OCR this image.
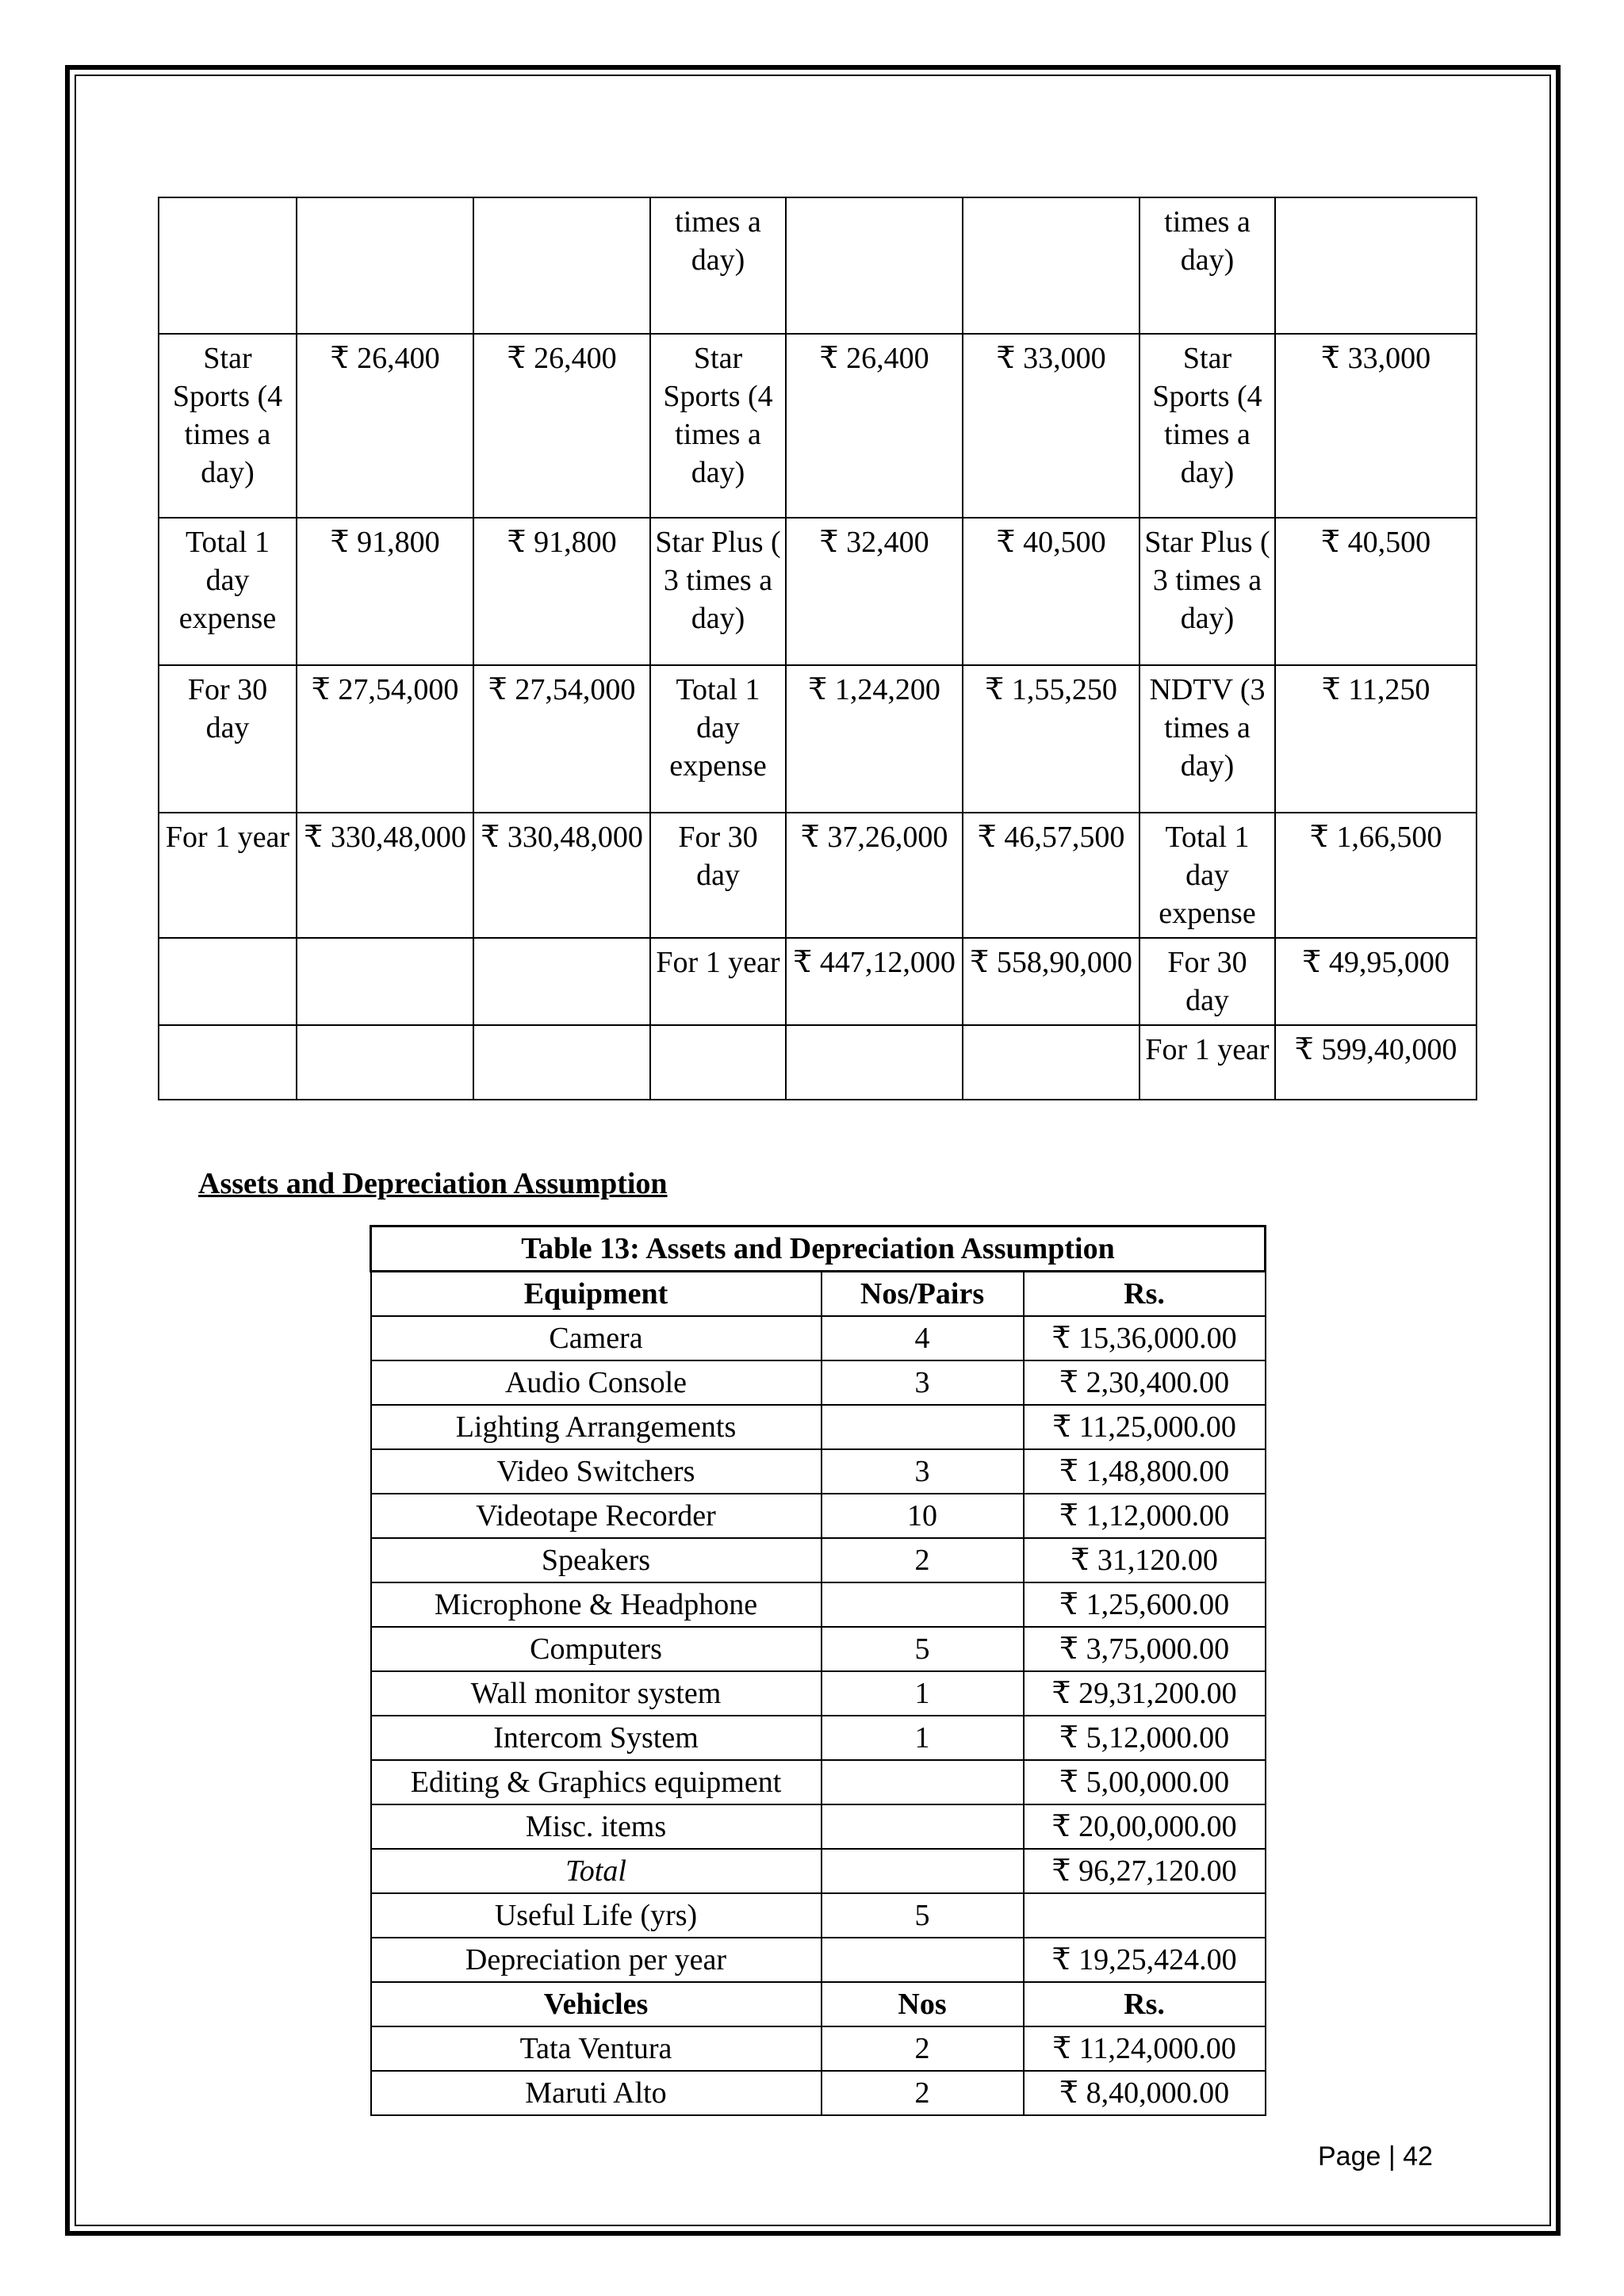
			times a day)			times a day)	
Star Sports (4 times a day)	₹ 26,400	₹ 26,400	Star Sports (4 times a day)	₹ 26,400	₹ 33,000	Star Sports (4 times a day)	₹ 33,000
Total 1 day expense	₹ 91,800	₹ 91,800	Star Plus ( 3 times a day)	₹ 32,400	₹ 40,500	Star Plus ( 3 times a day)	₹ 40,500
For 30 day	₹ 27,54,000	₹ 27,54,000	Total 1 day expense	₹ 1,24,200	₹ 1,55,250	NDTV (3 times a day)	₹ 11,250
For 1 year	₹ 330,48,000	₹ 330,48,000	For 30 day	₹ 37,26,000	₹ 46,57,500	Total 1 day expense	₹ 1,66,500
			For 1 year	₹ 447,12,000	₹ 558,90,000	For 30 day	₹ 49,95,000
						For 1 year	₹ 599,40,000
Assets and Depreciation Assumption
Table 13: Assets and Depreciation Assumption		
Equipment	Nos/Pairs	Rs.
Camera	4	₹ 15,36,000.00
Audio Console	3	₹ 2,30,400.00
Lighting Arrangements		₹ 11,25,000.00
Video Switchers	3	₹ 1,48,800.00
Videotape Recorder	10	₹ 1,12,000.00
Speakers	2	₹ 31,120.00
Microphone & Headphone		₹ 1,25,600.00
Computers	5	₹ 3,75,000.00
Wall monitor system	1	₹ 29,31,200.00
Intercom System	1	₹ 5,12,000.00
Editing & Graphics equipment		₹ 5,00,000.00
Misc. items		₹ 20,00,000.00
Total		₹ 96,27,120.00
Useful Life (yrs)	5	
Depreciation per year		₹ 19,25,424.00
Vehicles	Nos	Rs.
Tata Ventura	2	₹ 11,24,000.00
Maruti Alto	2	₹ 8,40,000.00
Page | 42
